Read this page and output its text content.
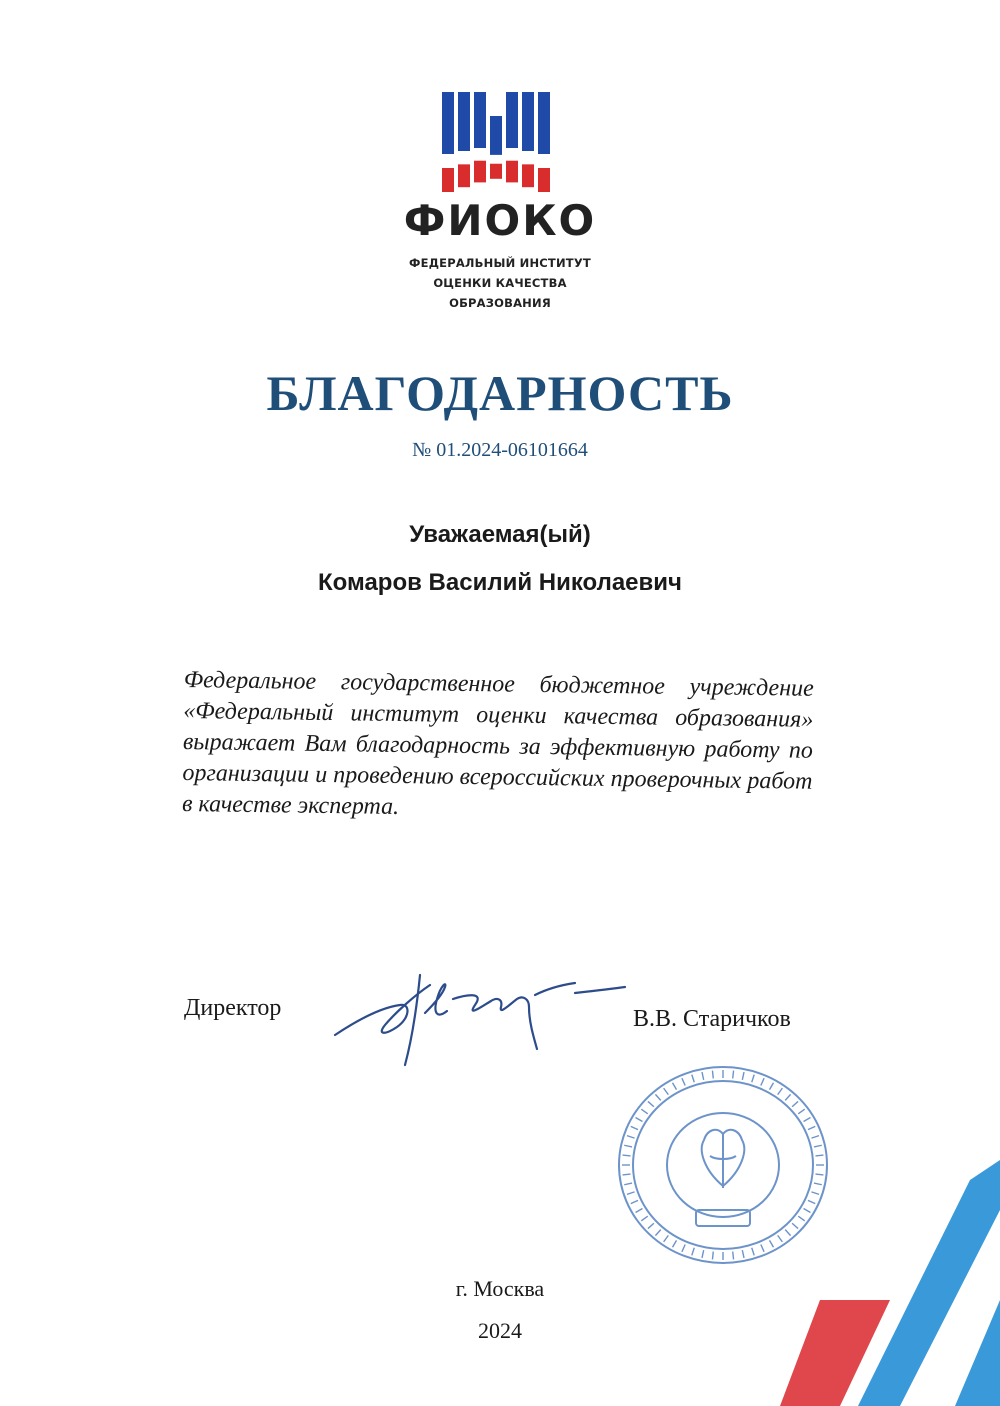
ФИОКО
ФЕДЕРАЛЬНЫЙ ИНСТИТУТ
ОЦЕНКИ КАЧЕСТВА
ОБРАЗОВАНИЯ
БЛАГОДАРНОСТЬ
№ 01.2024-06101664
Уважаемая(ый)
Комаров Василий Николаевич
Федеральное государственное бюджетное учреждение «Федеральный институт оценки качества образования» выражает Вам благодарность за эффективную работу по организации и проведению всероссийских проверочных работ в качестве эксперта.
Директор	В.В. Старичков
г. Москва
2024
